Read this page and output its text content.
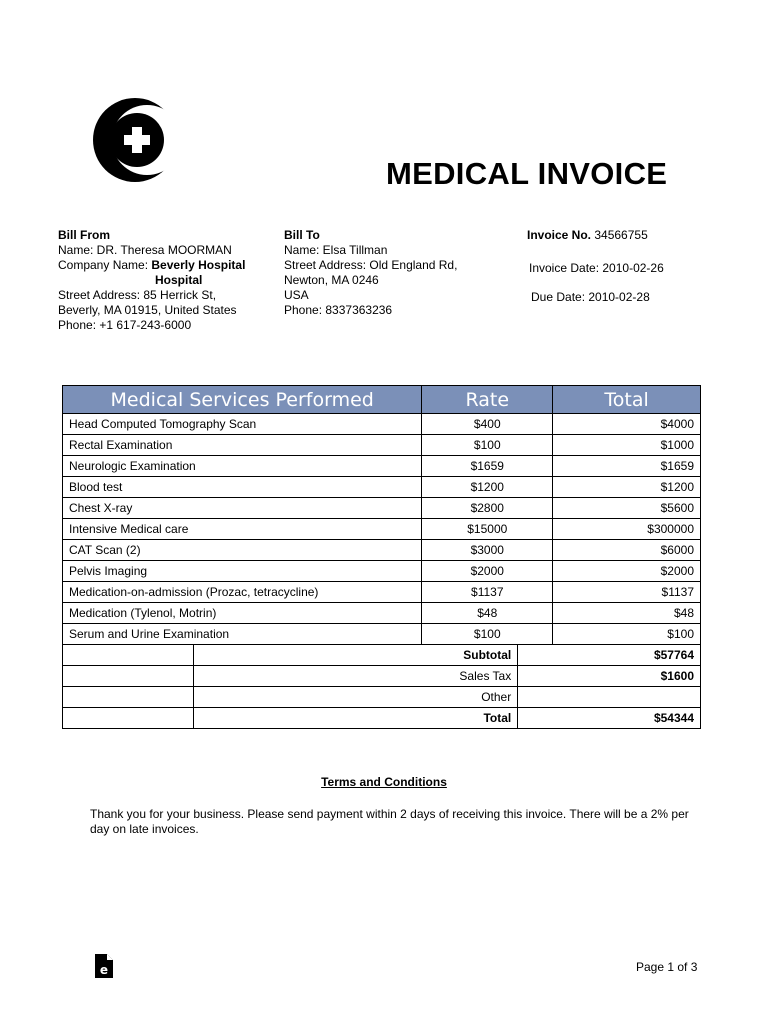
MEDICAL INVOICE
Bill From
Name: DR. Theresa MOORMAN
Company Name: Beverly Hospital
Hospital
Street Address: 85 Herrick St,
Beverly, MA 01915, United States
Phone: +1 617-243-6000
Bill To
Name: Elsa Tillman
Street Address: Old England Rd,
Newton, MA 0246
USA
Phone: 8337363236
Invoice No. 34566755
Invoice Date: 2010-02-26
Due Date: 2010-02-28
Medical Services Performed		Rate		Total
Head Computed Tomography Scan		$400		$4000
Rectal Examination		$100		$1000
Neurologic Examination		$1659		$1659
Blood test		$1200		$1200
Chest X-ray		$2800		$5600
Intensive Medical care		$15000		$300000
CAT Scan (2)		$3000		$6000
Pelvis Imaging		$2000		$2000
Medication-on-admission (Prozac, tetracycline)		$1137		$1137
Medication (Tylenol, Motrin)		$48		$48
Serum and Urine Examination		$100		$100
	Subtotal		$57764	
	Sales Tax		$1600	
	Other			
	Total		$54344	
Terms and Conditions
Thank you for your business. Please send payment within 2 days of receiving this invoice. There will be a 2% per day on late invoices.
e	Page 1 of 3
